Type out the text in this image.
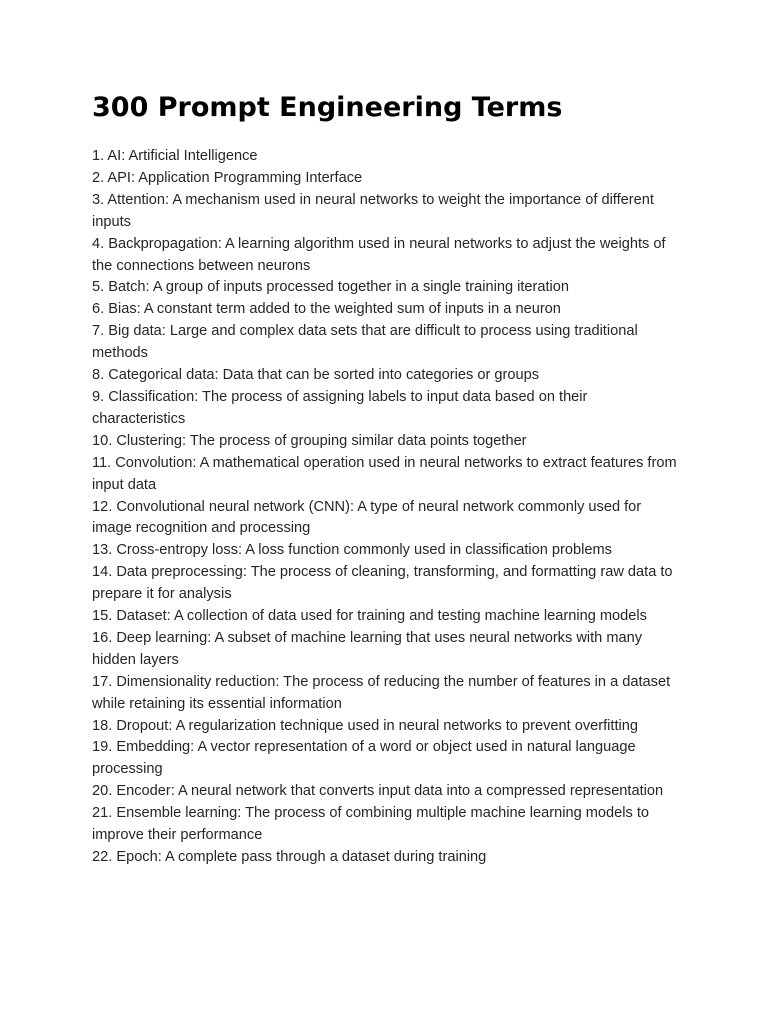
300 Prompt Engineering Terms
1. AI: Artificial Intelligence
2. API: Application Programming Interface
3. Attention: A mechanism used in neural networks to weight the importance of different inputs
4. Backpropagation: A learning algorithm used in neural networks to adjust the weights of the connections between neurons
5. Batch: A group of inputs processed together in a single training iteration
6. Bias: A constant term added to the weighted sum of inputs in a neuron
7. Big data: Large and complex data sets that are difficult to process using traditional methods
8. Categorical data: Data that can be sorted into categories or groups
9. Classification: The process of assigning labels to input data based on their characteristics
10. Clustering: The process of grouping similar data points together
11. Convolution: A mathematical operation used in neural networks to extract features from input data
12. Convolutional neural network (CNN): A type of neural network commonly used for image recognition and processing
13. Cross-entropy loss: A loss function commonly used in classification problems
14. Data preprocessing: The process of cleaning, transforming, and formatting raw data to prepare it for analysis
15. Dataset: A collection of data used for training and testing machine learning models
16. Deep learning: A subset of machine learning that uses neural networks with many hidden layers
17. Dimensionality reduction: The process of reducing the number of features in a dataset while retaining its essential information
18. Dropout: A regularization technique used in neural networks to prevent overfitting
19. Embedding: A vector representation of a word or object used in natural language processing
20. Encoder: A neural network that converts input data into a compressed representation
21. Ensemble learning: The process of combining multiple machine learning models to improve their performance
22. Epoch: A complete pass through a dataset during training
